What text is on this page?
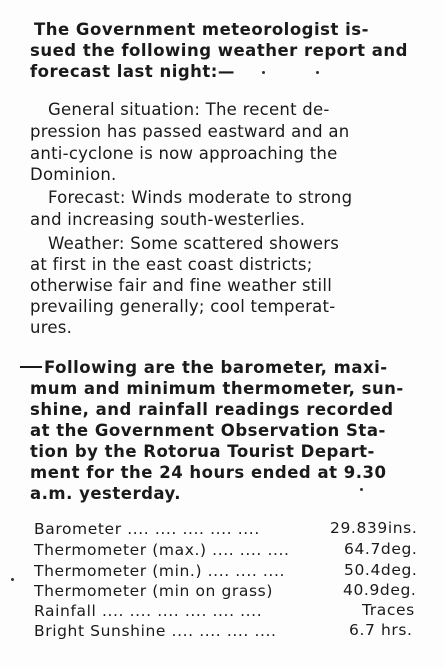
The Government meteorologist is-
sued the following weather report and
forecast last night:—
General situation: The recent de-
pression has passed eastward and an
anti-cyclone is now approaching the
Dominion.
Forecast: Winds moderate to strong
and increasing south-westerlies.
Weather: Some scattered showers
at first in the east coast districts;
otherwise fair and fine weather still
prevailing generally; cool temperat-
ures.
Following are the barometer, maxi-
mum and minimum thermometer, sun-
shine, and rainfall readings recorded
at the Government Observation Sta-
tion by the Rotorua Tourist Depart-
ment for the 24 hours ended at 9.30
a.m. yesterday.
Barometer .... .... .... .... ....	29.839ins.
Thermometer (max.) .... .... ....	64.7deg.
Thermometer (min.) .... .... ....	50.4deg.
Thermometer (min on grass)	40.9deg.
Rainfall .... .... .... .... .... ....	Traces
Bright Sunshine .... .... .... ....	6.7 hrs.
